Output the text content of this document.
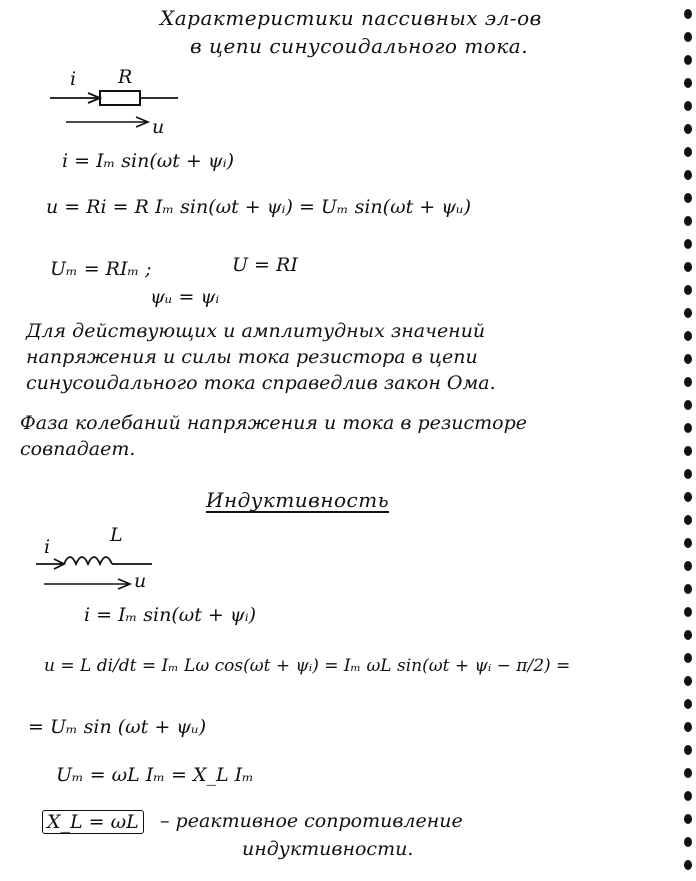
Характеристики пассивных эл-ов
в цепи синусоидального тока.
i R
u
i = Iₘ sin(ωt + ψᵢ)
u = Ri = R Iₘ sin(ωt + ψᵢ) = Uₘ sin(ωt + ψᵤ)
Uₘ = RIₘ ;	U = RI
ψᵤ = ψᵢ
Для действующих и амплитудных значений
напряжения и силы тока резистора в цепи
синусоидального тока справедлив закон Ома.
Фаза колебаний напряжения и тока в резисторе
совпадает.
Индуктивность
i
L
u
i = Iₘ sin(ωt + ψᵢ)
u = L di/dt = Iₘ Lω cos(ωt + ψᵢ) = Iₘ ωL sin(ωt + ψᵢ − π/2) =
= Uₘ sin (ωt + ψᵤ)
Uₘ = ωL Iₘ = X_L Iₘ
X_L = ωL – реактивное сопротивление
индуктивности.
